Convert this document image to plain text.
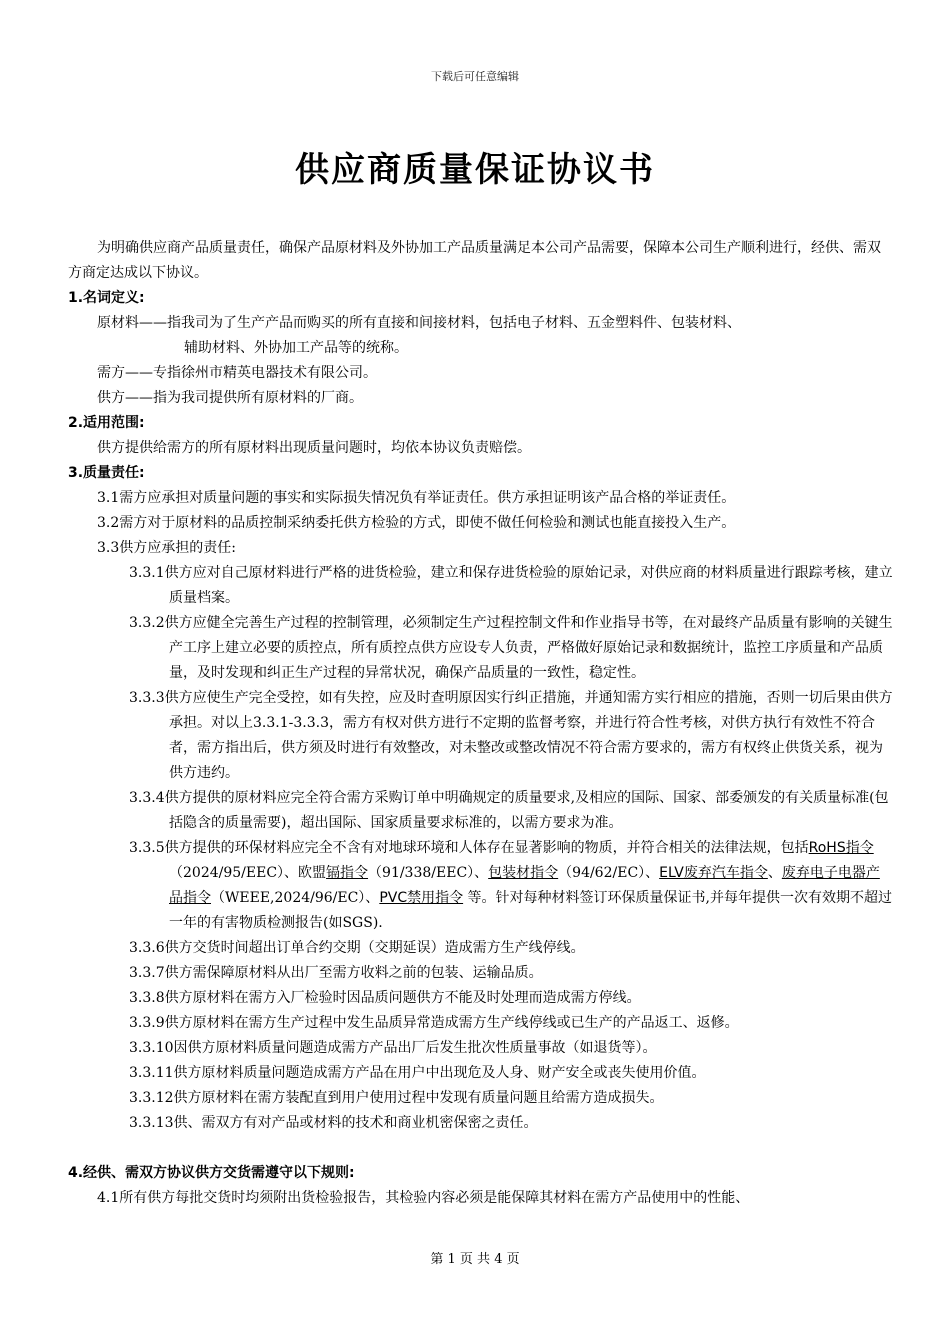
下载后可任意编辑
供应商质量保证协议书

为明确供应商产品质量责任，确保产品原材料及外协加工产品质量满足本公司产品需要，保障本公司生产顺利进行，经供、需双方商定达成以下协议。

1.名词定义:

原材料——指我司为了生产产品而购买的所有直接和间接材料，包括电子材料、五金塑料件、包装材料、

辅助材料、外协加工产品等的统称。

需方——专指徐州市精英电器技术有限公司。

供方——指为我司提供所有原材料的厂商。

2.适用范围:

供方提供给需方的所有原材料出现质量问题时，均依本协议负责赔偿。

3.质量责任:

3.1需方应承担对质量问题的事实和实际损失情况负有举证责任。供方承担证明该产品合格的举证责任。

3.2需方对于原材料的品质控制采纳委托供方检验的方式，即使不做任何检验和测试也能直接投入生产。

3.3供方应承担的责任:

3.3.1供方应对自己原材料进行严格的进货检验，建立和保存进货检验的原始记录，对供应商的材料质量进行跟踪考核，建立质量档案。

3.3.2供方应健全完善生产过程的控制管理，必须制定生产过程控制文件和作业指导书等，在对最终产品质量有影响的关键生产工序上建立必要的质控点，所有质控点供方应设专人负责，严格做好原始记录和数据统计，监控工序质量和产品质量，及时发现和纠正生产过程的异常状况，确保产品质量的一致性，稳定性。

3.3.3供方应使生产完全受控，如有失控，应及时查明原因实行纠正措施，并通知需方实行相应的措施，否则一切后果由供方承担。对以上3.3.1-3.3.3，需方有权对供方进行不定期的监督考察，并进行符合性考核，对供方执行有效性不符合者，需方指出后，供方须及时进行有效整改，对未整改或整改情况不符合需方要求的，需方有权终止供货关系，视为供方违约。

3.3.4供方提供的原材料应完全符合需方采购订单中明确规定的质量要求,及相应的国际、国家、部委颁发的有关质量标准(包括隐含的质量需要)，超出国际、国家质量要求标准的，以需方要求为准。

3.3.5供方提供的环保材料应完全不含有对地球环境和人体存在显著影响的物质，并符合相关的法律法规，包括RoHS指令（2024/95/EEC）、欧盟镉指令（91/338/EEC）、包装材指令（94/62/EC）、ELV废弃汽车指令、废弃电子电器产品指令（WEEE,2024/96/EC）、PVC禁用指令 等。针对每种材料签订环保质量保证书,并每年提供一次有效期不超过一年的有害物质检测报告(如SGS).

3.3.6供方交货时间超出订单合约交期（交期延误）造成需方生产线停线。

3.3.7供方需保障原材料从出厂至需方收料之前的包装、运输品质。

3.3.8供方原材料在需方入厂检验时因品质问题供方不能及时处理而造成需方停线。

3.3.9供方原材料在需方生产过程中发生品质异常造成需方生产线停线或已生产的产品返工、返修。

3.3.10因供方原材料质量问题造成需方产品出厂后发生批次性质量事故（如退货等）。

3.3.11供方原材料质量问题造成需方产品在用户中出现危及人身、财产安全或丧失使用价值。

3.3.12供方原材料在需方装配直到用户使用过程中发现有质量问题且给需方造成损失。

3.3.13供、需双方有对产品或材料的技术和商业机密保密之责任。

4.经供、需双方协议供方交货需遵守以下规则:

4.1所有供方每批交货时均须附出货检验报告，其检验内容必须是能保障其材料在需方产品使用中的性能、

第 1 页 共 4 页
